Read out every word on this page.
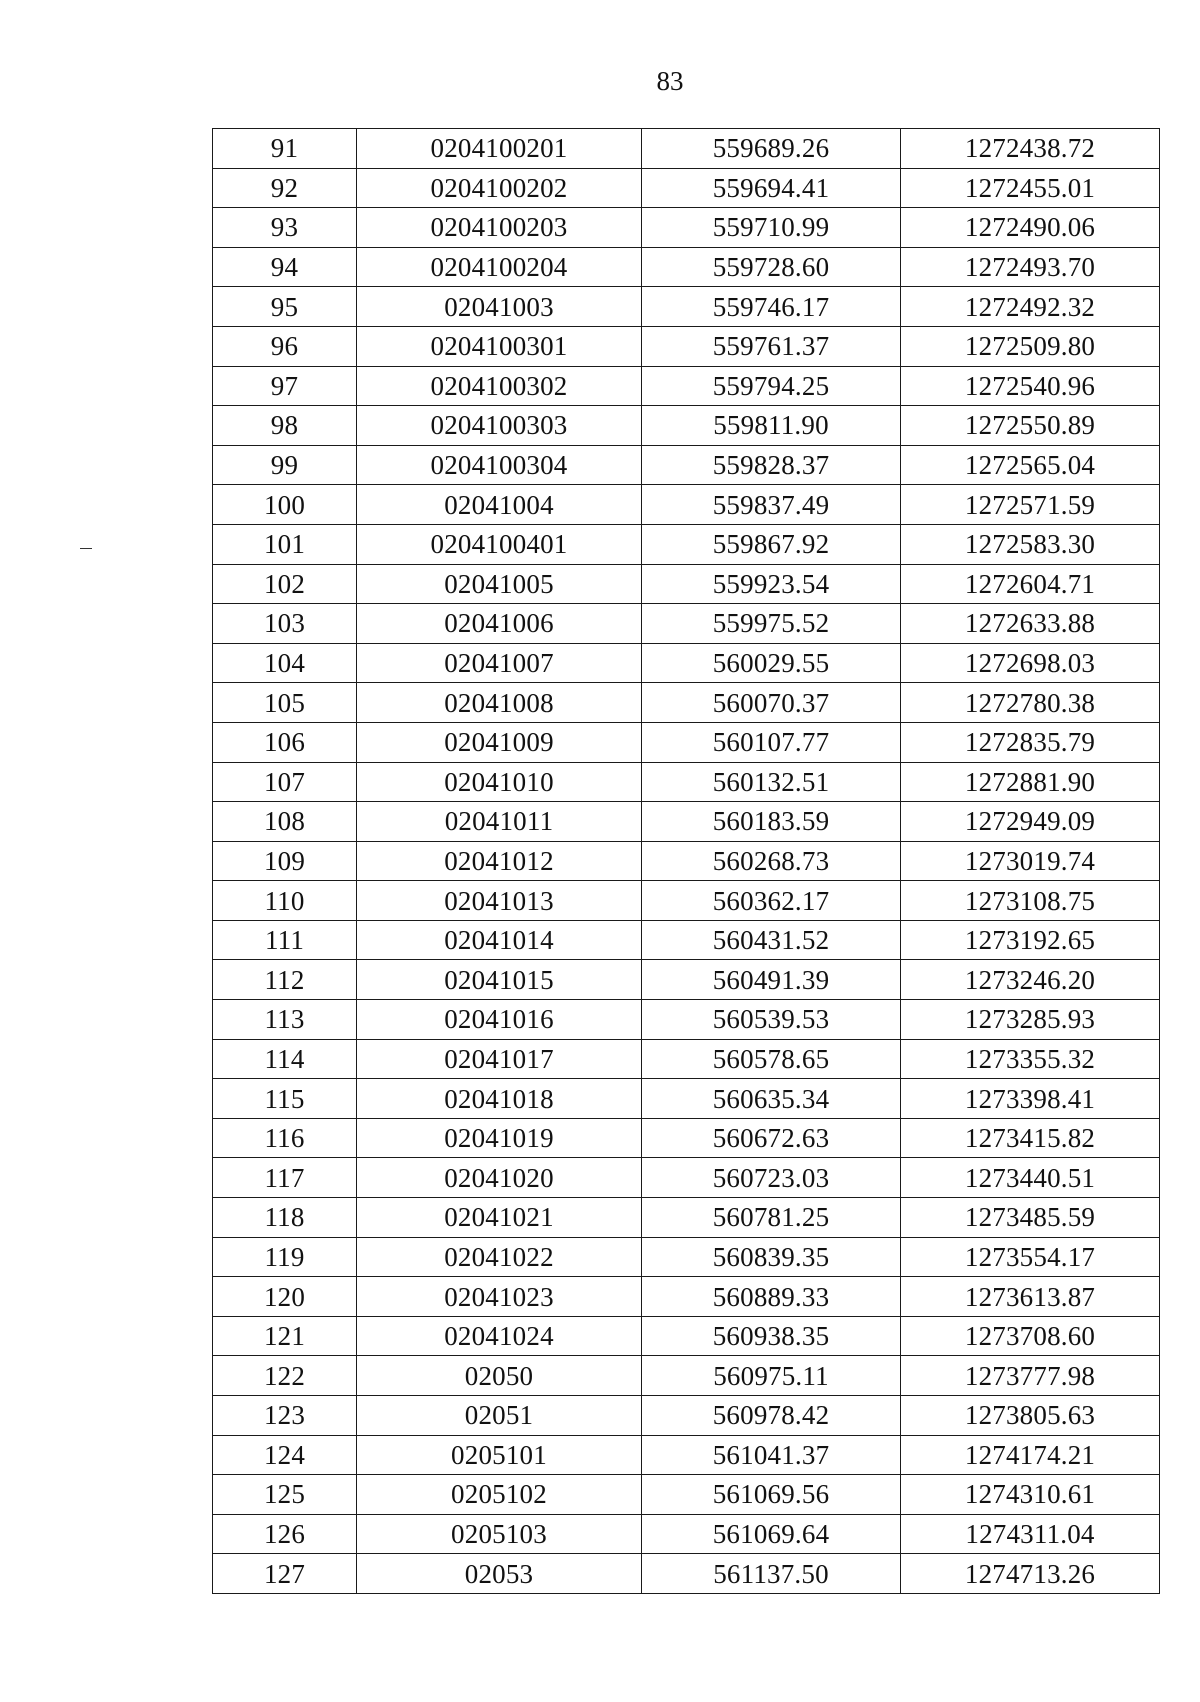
83
91	0204100201	559689.26	1272438.72
92	0204100202	559694.41	1272455.01
93	0204100203	559710.99	1272490.06
94	0204100204	559728.60	1272493.70
95	02041003	559746.17	1272492.32
96	0204100301	559761.37	1272509.80
97	0204100302	559794.25	1272540.96
98	0204100303	559811.90	1272550.89
99	0204100304	559828.37	1272565.04
100	02041004	559837.49	1272571.59
101	0204100401	559867.92	1272583.30
102	02041005	559923.54	1272604.71
103	02041006	559975.52	1272633.88
104	02041007	560029.55	1272698.03
105	02041008	560070.37	1272780.38
106	02041009	560107.77	1272835.79
107	02041010	560132.51	1272881.90
108	02041011	560183.59	1272949.09
109	02041012	560268.73	1273019.74
110	02041013	560362.17	1273108.75
111	02041014	560431.52	1273192.65
112	02041015	560491.39	1273246.20
113	02041016	560539.53	1273285.93
114	02041017	560578.65	1273355.32
115	02041018	560635.34	1273398.41
116	02041019	560672.63	1273415.82
117	02041020	560723.03	1273440.51
118	02041021	560781.25	1273485.59
119	02041022	560839.35	1273554.17
120	02041023	560889.33	1273613.87
121	02041024	560938.35	1273708.60
122	02050	560975.11	1273777.98
123	02051	560978.42	1273805.63
124	0205101	561041.37	1274174.21
125	0205102	561069.56	1274310.61
126	0205103	561069.64	1274311.04
127	02053	561137.50	1274713.26
